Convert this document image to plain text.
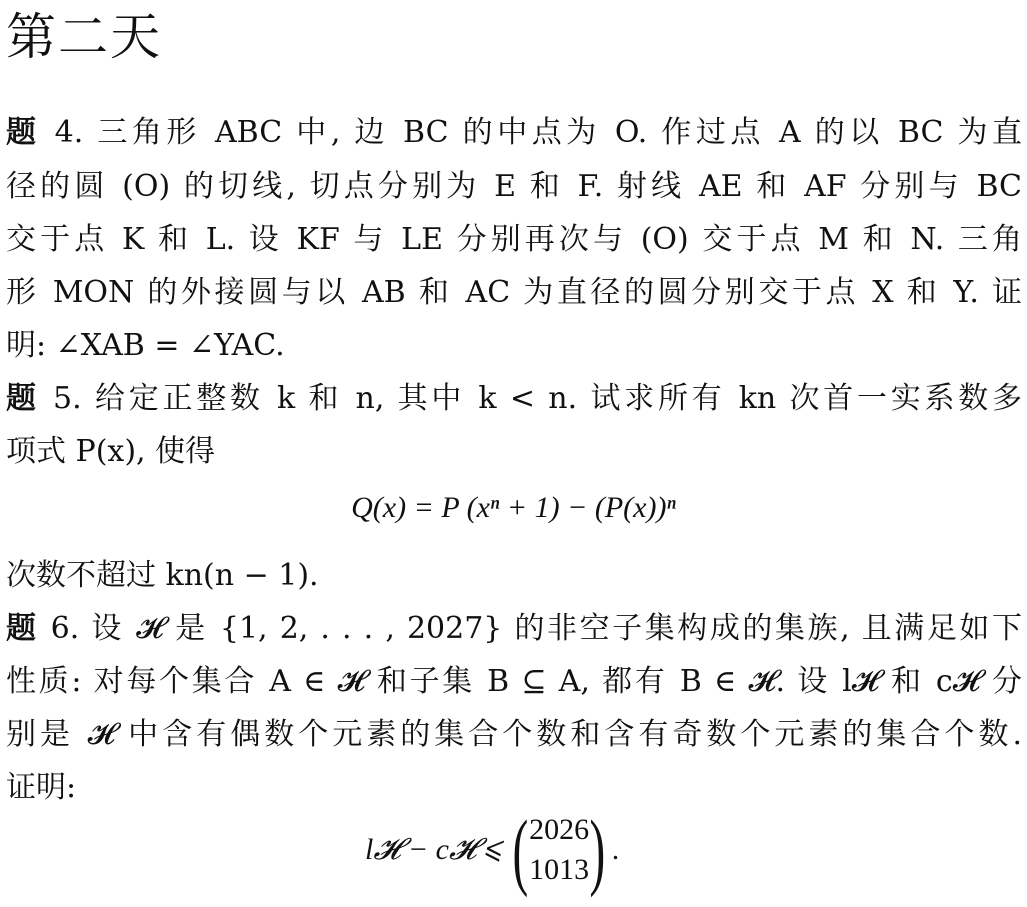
第二天
题 4. 三角形 ABC 中, 边 BC 的中点为 O. 作过点 A 的以 BC 为直
径的圆 (O) 的切线, 切点分别为 E 和 F. 射线 AE 和 AF 分别与 BC
交于点 K 和 L. 设 KF 与 LE 分别再次与 (O) 交于点 M 和 N. 三角
形 MON 的外接圆与以 AB 和 AC 为直径的圆分别交于点 X 和 Y. 证
明: ∠XAB = ∠YAC.
题 5. 给定正整数 k 和 n, 其中 k < n. 试求所有 kn 次首一实系数多
项式 P(x), 使得
Q(x) = P (xⁿ + 1) − (P(x))ⁿ
次数不超过 kn(n − 1).
题 6. 设 𝓗 是 {1, 2, . . . , 2027} 的非空子集构成的集族, 且满足如下
性质: 对每个集合 A ∈ 𝓗 和子集 B ⊆ A, 都有 B ∈ 𝓗. 设 l𝓗 和 c𝓗 分
别是 𝓗 中含有偶数个元素的集合个数和含有奇数个元素的集合个数.
证明:
l𝓗 − c𝓗 ⩽ ( 2026
1013 ) .
